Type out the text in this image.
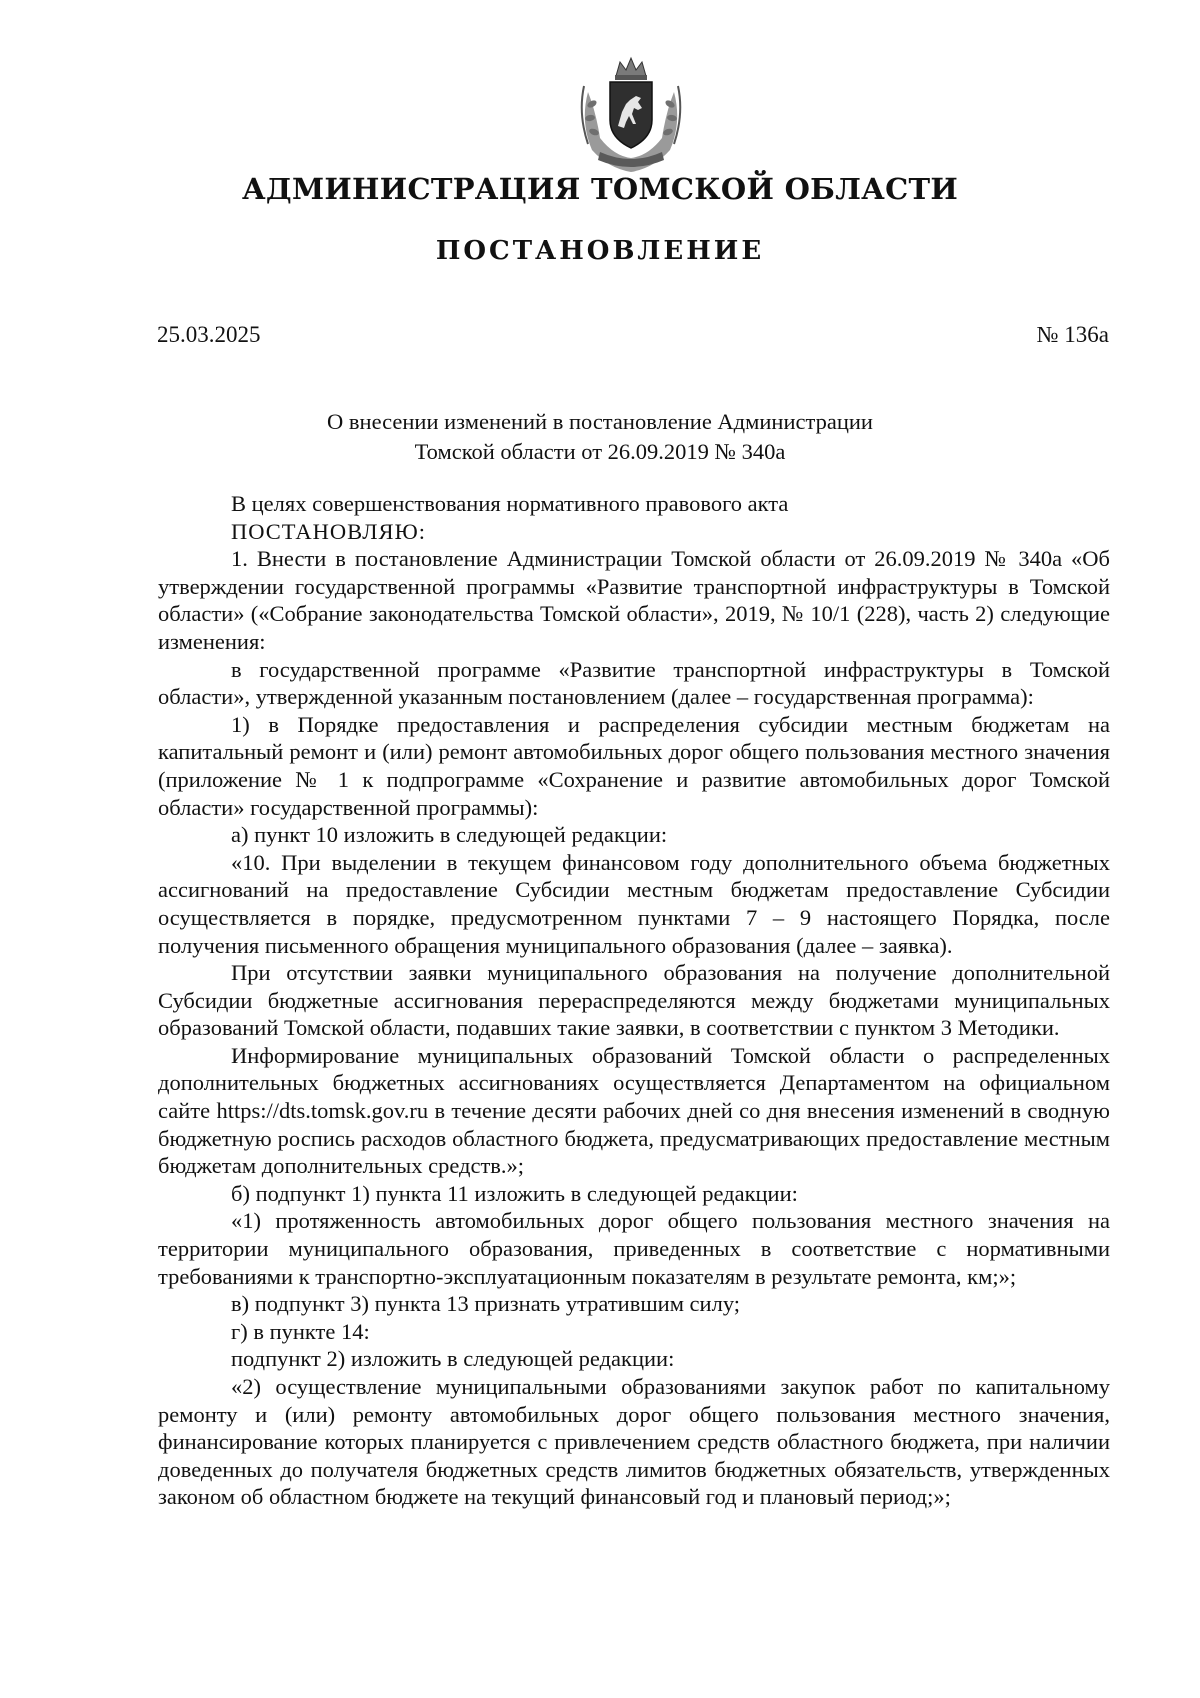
АДМИНИСТРАЦИЯ ТОМСКОЙ ОБЛАСТИ
ПОСТАНОВЛЕНИЕ
25.03.2025	№ 136а
О внесении изменений в постановление Администрации
Томской области от 26.09.2019 № 340а

В целях совершенствования нормативного правового акта

ПОСТАНОВЛЯЮ:

1. Внести в постановление Администрации Томской области от 26.09.2019 № 340а «Об утверждении государственной программы «Развитие транспортной инфраструктуры в Томской области» («Собрание законодательства Томской области», 2019, № 10/1 (228), часть 2) следующие изменения:

в государственной программе «Развитие транспортной инфраструктуры в Томской области», утвержденной указанным постановлением (далее – государственная программа):

1) в Порядке предоставления и распределения субсидии местным бюджетам на капитальный ремонт и (или) ремонт автомобильных дорог общего пользования местного значения (приложение № 1 к подпрограмме «Сохранение и развитие автомобильных дорог Томской области» государственной программы):

а) пункт 10 изложить в следующей редакции:

«10. При выделении в текущем финансовом году дополнительного объема бюджетных ассигнований на предоставление Субсидии местным бюджетам предоставление Субсидии осуществляется в порядке, предусмотренном пунктами 7 – 9 настоящего Порядка, после получения письменного обращения муниципального образования (далее – заявка).

При отсутствии заявки муниципального образования на получение дополнительной Субсидии бюджетные ассигнования перераспределяются между бюджетами муниципальных образований Томской области, подавших такие заявки, в соответствии с пунктом 3 Методики.

Информирование муниципальных образований Томской области о распределенных дополнительных бюджетных ассигнованиях осуществляется Департаментом на официальном сайте https://dts.tomsk.gov.ru в течение десяти рабочих дней со дня внесения изменений в сводную бюджетную роспись расходов областного бюджета, предусматривающих предоставление местным бюджетам дополнительных средств.»;

б) подпункт 1) пункта 11 изложить в следующей редакции:

«1) протяженность автомобильных дорог общего пользования местного значения на территории муниципального образования, приведенных в соответствие с нормативными требованиями к транспортно-эксплуатационным показателям в результате ремонта, км;»;

в) подпункт 3) пункта 13 признать утратившим силу;

г) в пункте 14:

подпункт 2) изложить в следующей редакции:

«2) осуществление муниципальными образованиями закупок работ по капитальному ремонту и (или) ремонту автомобильных дорог общего пользования местного значения, финансирование которых планируется с привлечением средств областного бюджета, при наличии доведенных до получателя бюджетных средств лимитов бюджетных обязательств, утвержденных законом об областном бюджете на текущий финансовый год и плановый период;»;
